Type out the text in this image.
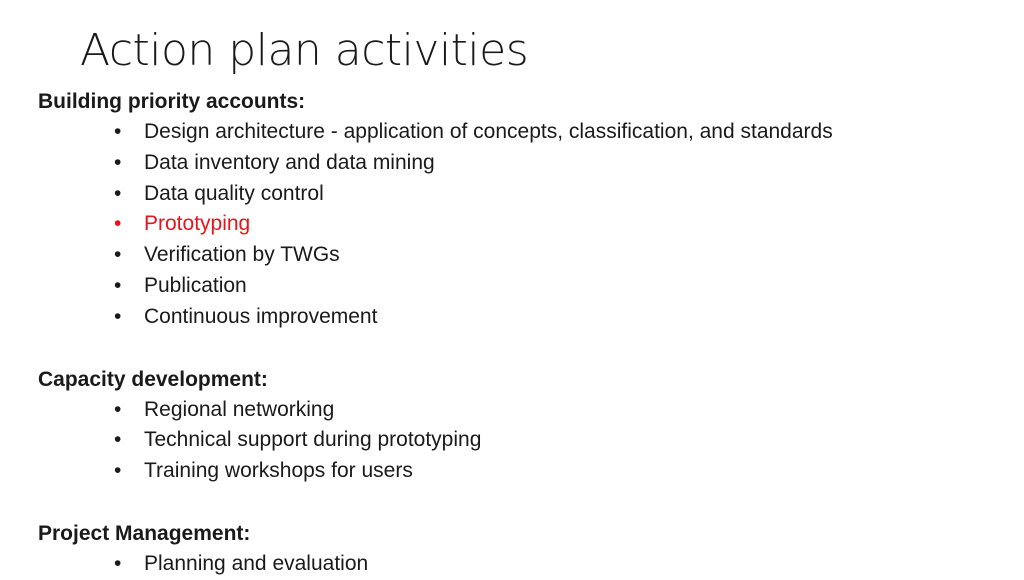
Action plan activities

Building priority accounts:

• Design architecture - application of concepts, classification, and standards
• Data inventory and data mining
• Data quality control
• Prototyping
• Verification by TWGs
• Publication
• Continuous improvement

Capacity development:

• Regional networking
• Technical support during prototyping
• Training workshops for users

Project Management:

• Planning and evaluation
